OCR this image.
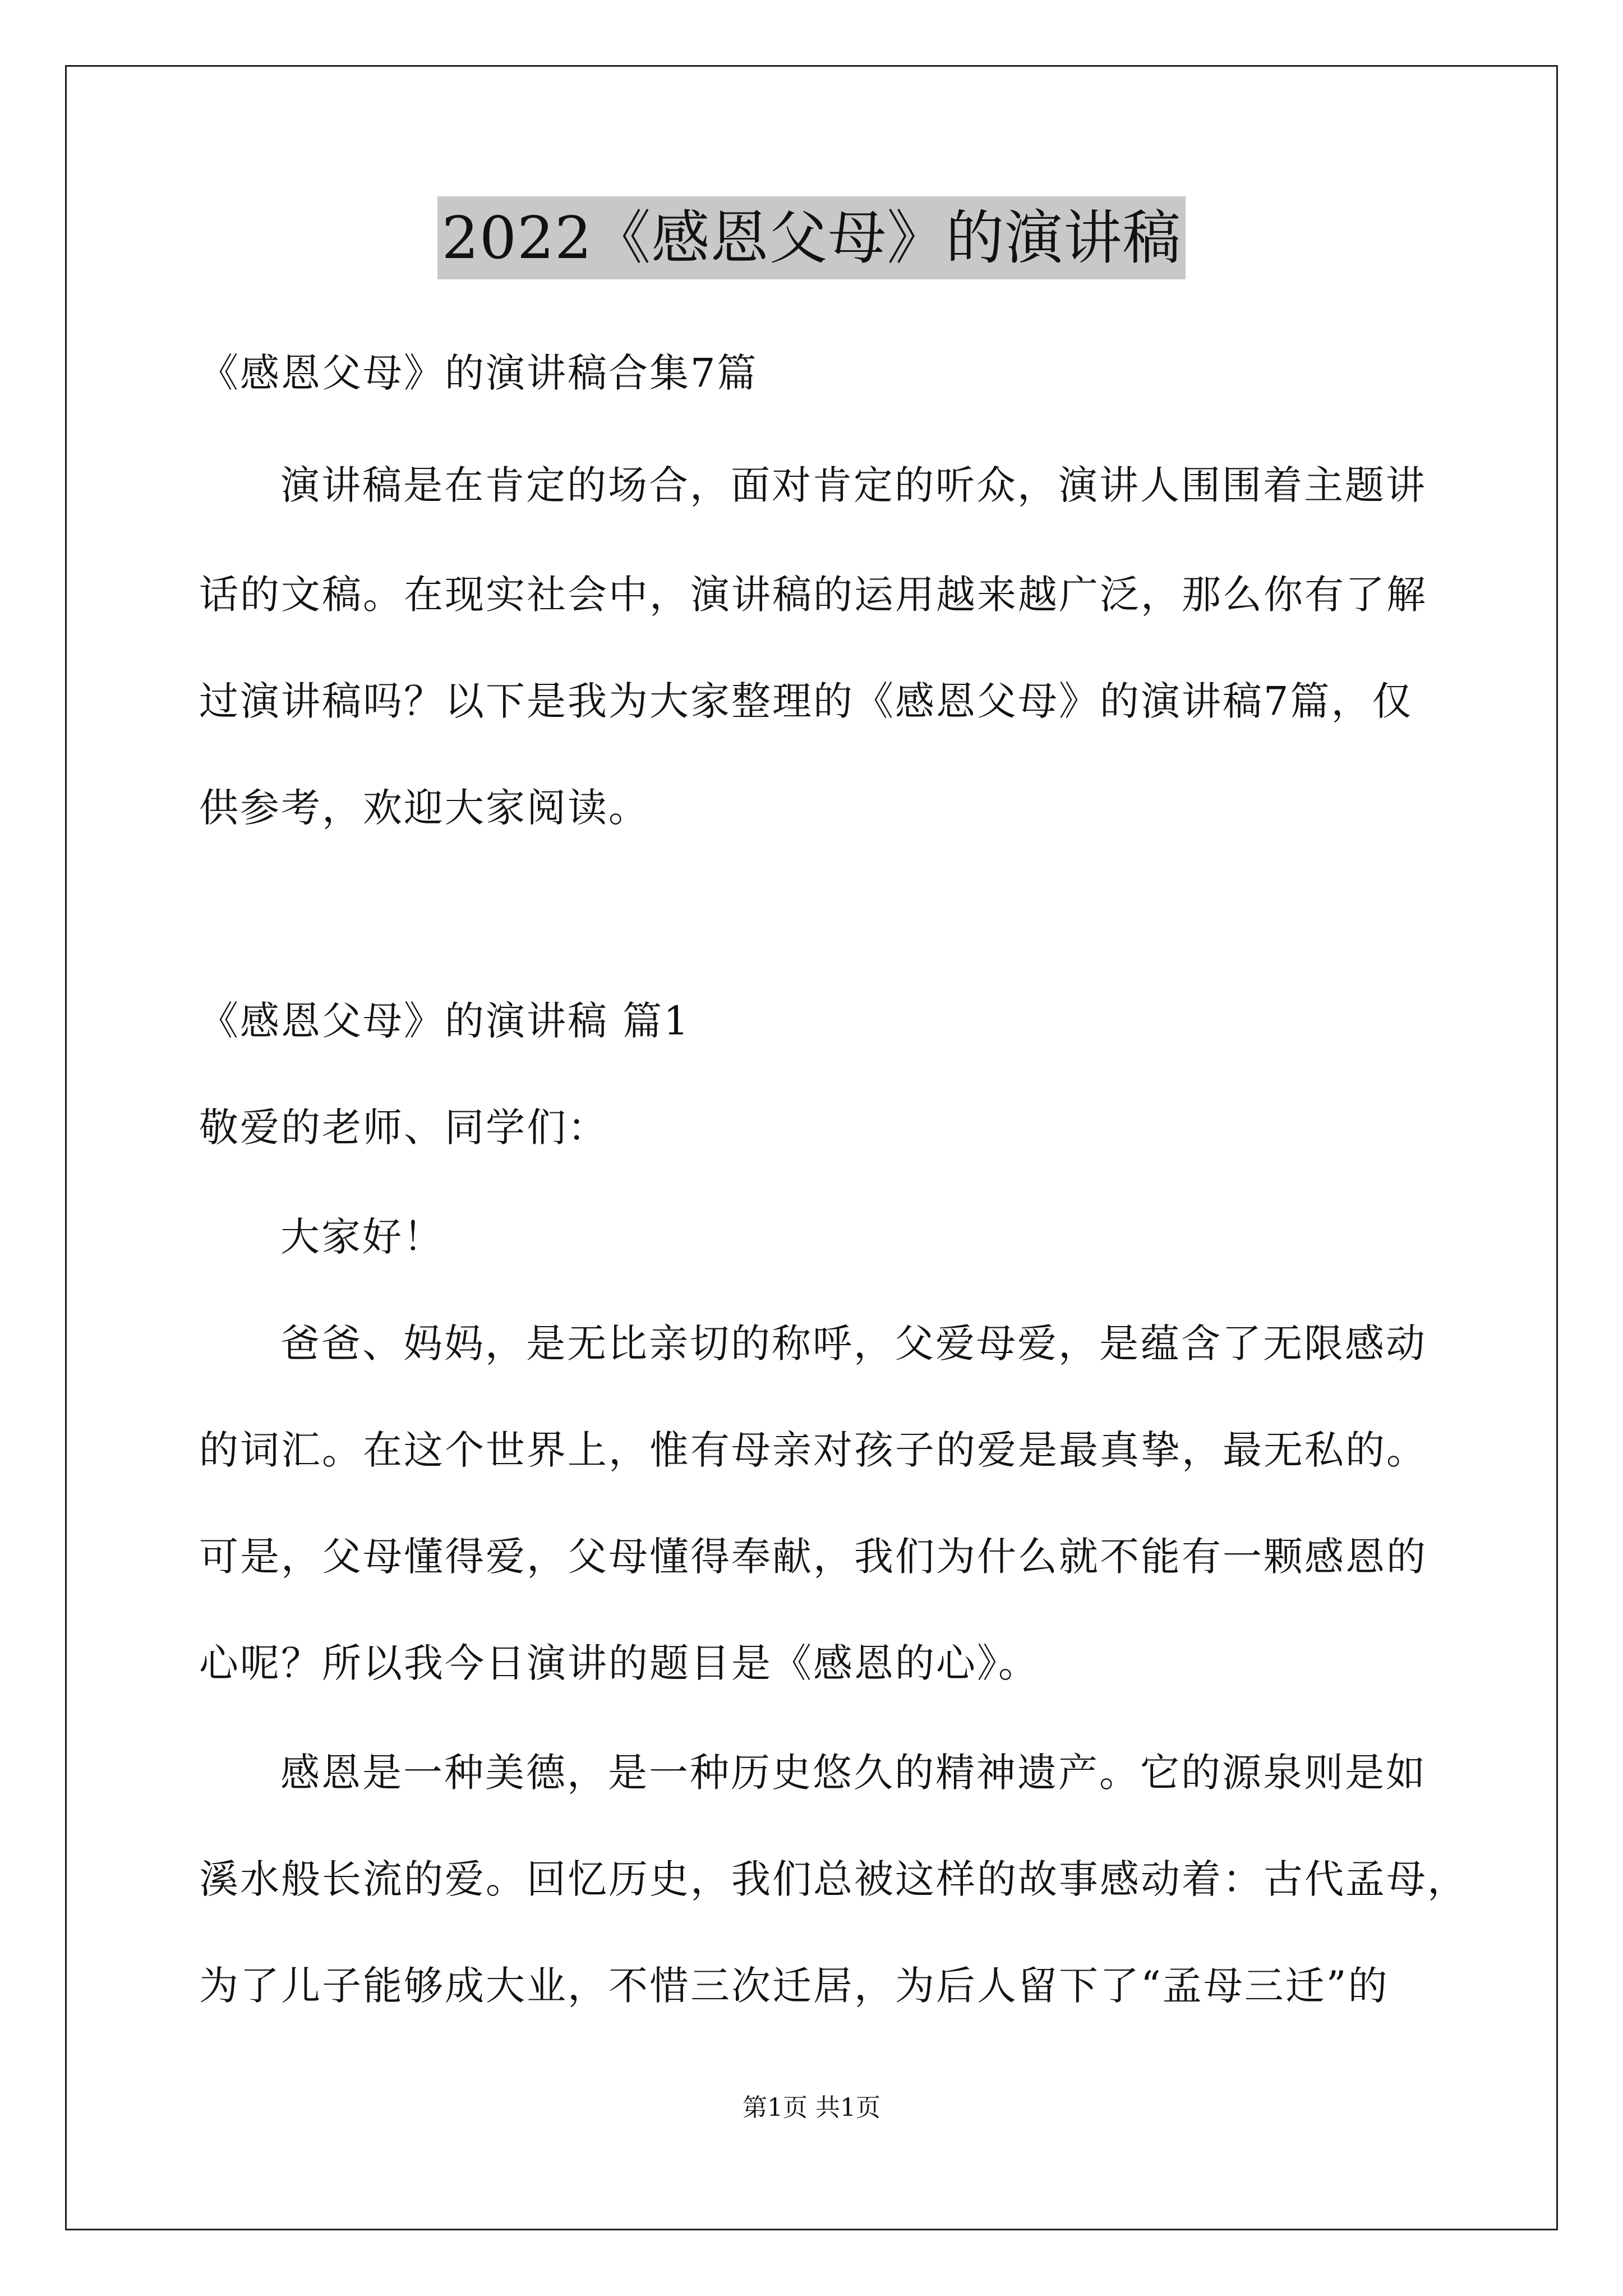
2022《感恩父母》的演讲稿
《感恩父母》的演讲稿合集7篇
演讲稿是在肯定的场合，面对肯定的听众，演讲人围围着主题讲
话的文稿。在现实社会中，演讲稿的运用越来越广泛，那么你有了解
过演讲稿吗？以下是我为大家整理的《感恩父母》的演讲稿7篇，仅
供参考，欢迎大家阅读。
《感恩父母》的演讲稿 篇1
敬爱的老师、同学们：
大家好！
爸爸、妈妈，是无比亲切的称呼，父爱母爱，是蕴含了无限感动
的词汇。在这个世界上，惟有母亲对孩子的爱是最真挚，最无私的。
可是，父母懂得爱，父母懂得奉献，我们为什么就不能有一颗感恩的
心呢？所以我今日演讲的题目是《感恩的心》。
感恩是一种美德，是一种历史悠久的精神遗产。它的源泉则是如
溪水般长流的爱。回忆历史，我们总被这样的故事感动着：古代孟母，
为了儿子能够成大业，不惜三次迁居，为后人留下了“孟母三迁”的
第1页 共1页
